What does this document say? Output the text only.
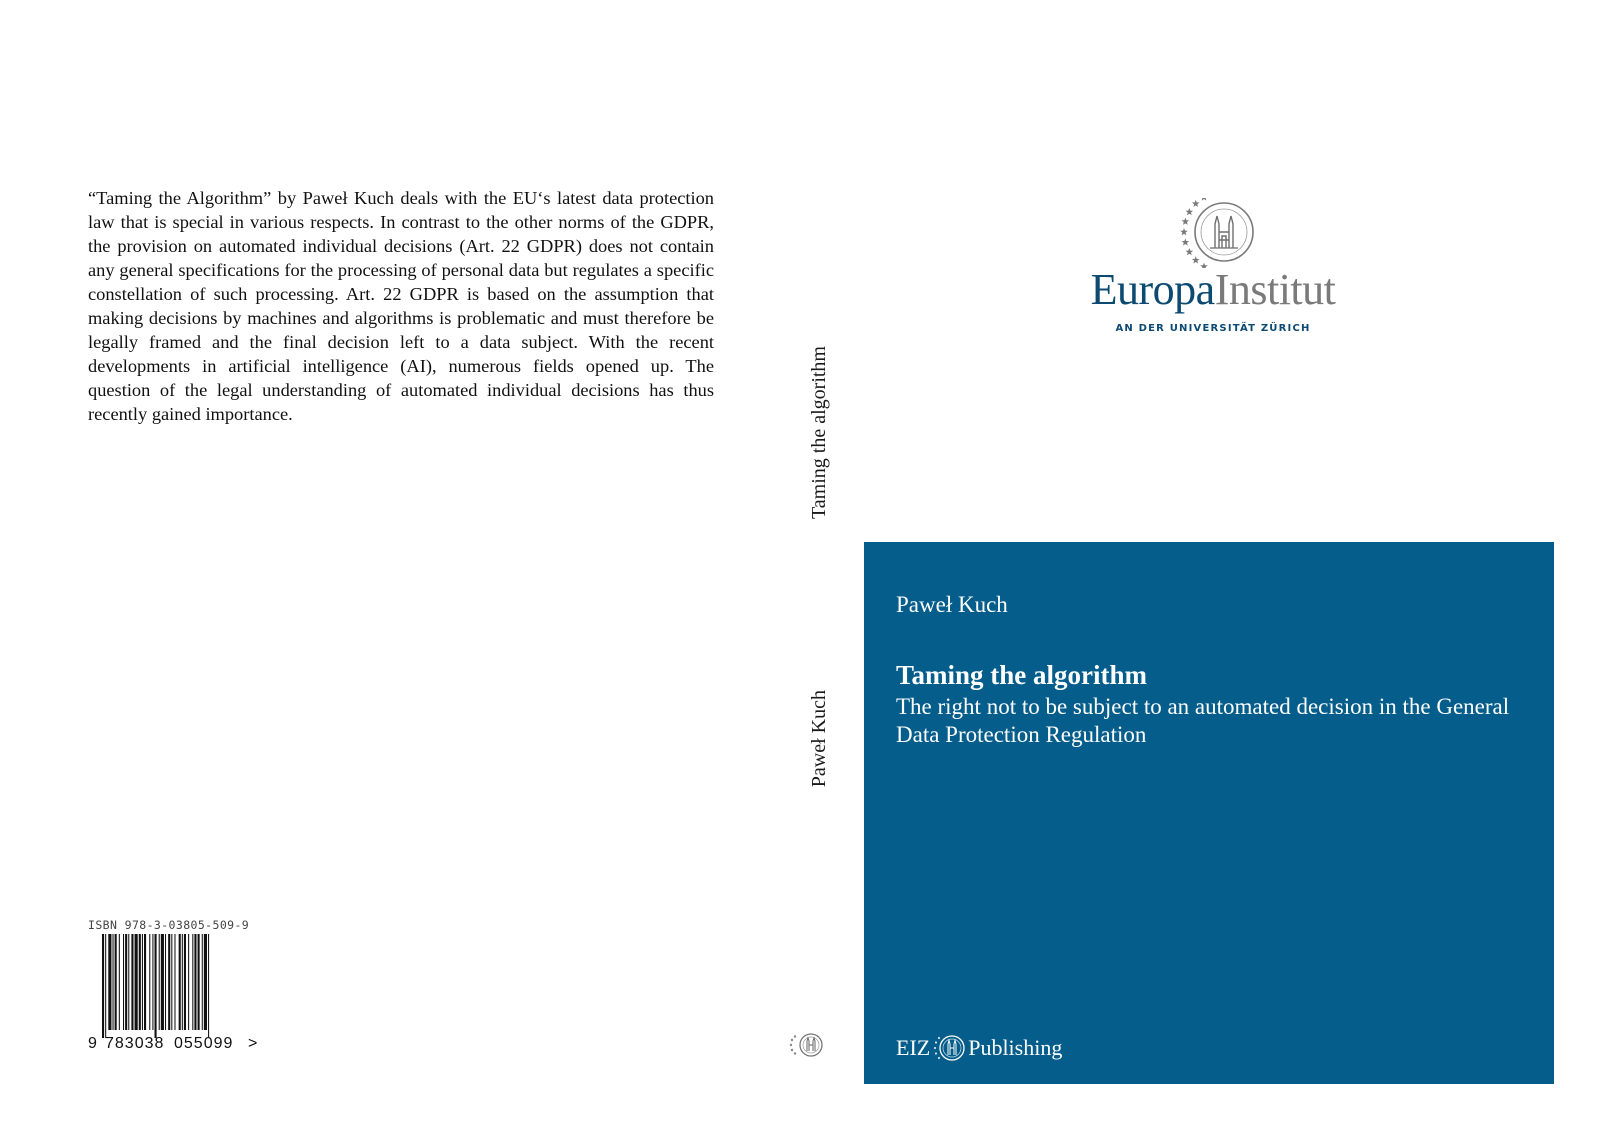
“Taming the Algorithm” by Paweł Kuch deals with the EU‘s latest data protection law that is special in various respects. In contrast to the other norms of the GDPR, the provision on automated individual decisions (Art. 22 GDPR) does not contain any general specifications for the processing of personal data but regulates a specific constellation of such processing. Art. 22 GDPR is based on the assumption that making decisions by machines and algorithms is problematic and must therefore be legally framed and the final decision left to a data subject. With the recent developments in artificial intelligence (AI), numerous fields opened up. The question of the legal understanding of automated individual decisions has thus recently gained importance.
ISBN 978-3-03805-509-9
9 783038 055099 >
Taming the algorithm
Paweł Kuch
EuropaInstitut
AN DER UNIVERSITÄT ZÜRICH
Paweł Kuch
Taming the algorithm
The right not to be subject to an automated decision in the General Data Protection Regulation
EIZ Publishing
